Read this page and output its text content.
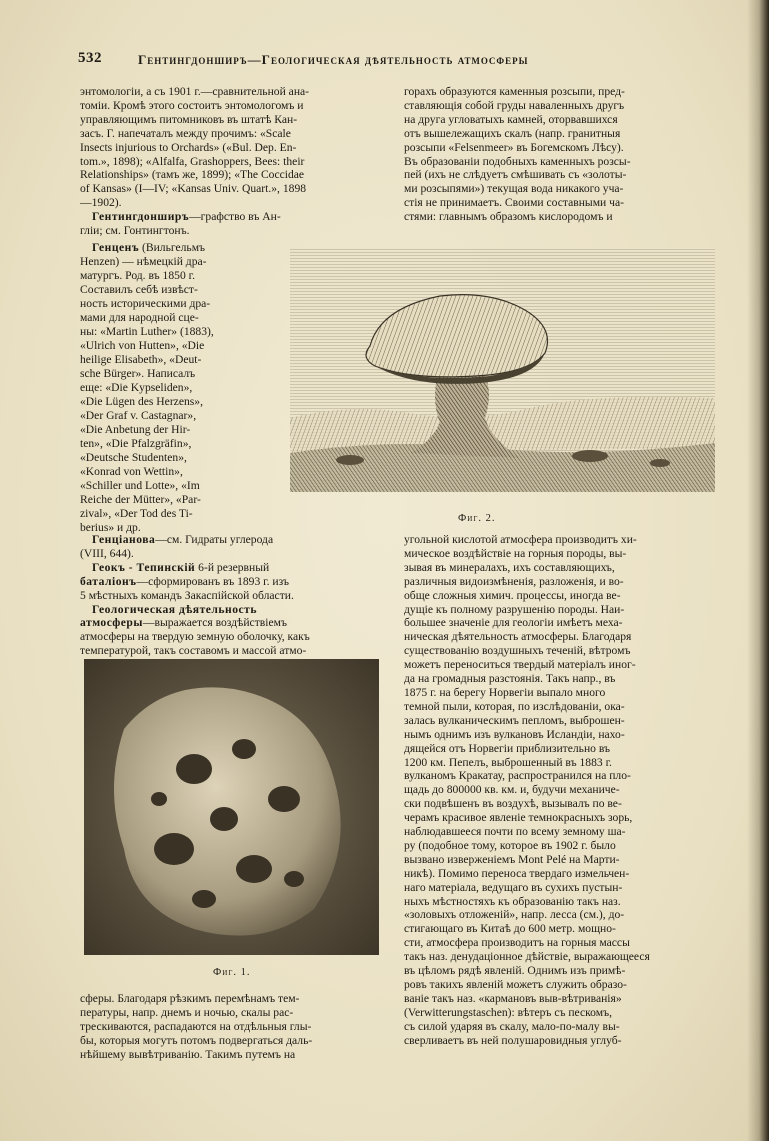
532	Гентингдонширъ—Геологическая дѣятельность атмосферы

энтомологіи, а съ 1901 г.—сравнительной ана-

томіи. Кромѣ этого состоитъ энтомологомъ и

управляющимъ питомниковъ въ штатѣ Кан-

засъ. Г. напечаталъ между прочимъ: «Scale

Insects injurious to Orchards» («Bul. Dep. En-

tom.», 1898); «Alfalfa, Grashoppers, Bees: their

Relationships» (тамъ же, 1899); «The Coccidae

of Kansas» (I—IV; «Kansas Univ. Quart.», 1898

—1902).

Гентингдонширъ—графство въ Ан-

гліи; см. Гонтингтонъ.

Генценъ (Вильгельмъ

Henzen) — нѣмецкій дра-

матургъ. Род. въ 1850 г.

Составилъ себѣ извѣст-

ность историческими дра-

мами для народной сце-

ны: «Martin Luther» (1883),

«Ulrich von Hutten», «Die

heilige Elisabeth», «Deut-

sche Bürger». Написалъ

еще: «Die Kypseliden»,

«Die Lügen des Herzens»,

«Der Graf v. Castagnar»,

«Die Anbetung der Hir-

ten», «Die Pfalzgräfin»,

«Deutsche Studenten»,

«Konrad von Wettin»,

«Schiller und Lotte», «Im

Reiche der Mütter», «Par-

zival», «Der Tod des Ti-

berius» и др.

горахъ образуются каменныя розсыпи, пред-

ставляющія собой груды наваленныхъ другъ

на друга угловатыхъ камней, оторвавшихся

отъ вышележащихъ скалъ (напр. гранитныя

розсыпи «Felsenmeer» въ Богемскомъ Лѣсу).

Въ образованіи подобныхъ каменныхъ розсы-

пей (ихъ не слѣдуетъ смѣшивать съ «золоты-

ми розсыпями») текущая вода никакого уча-

стія не принимаетъ. Своими составными ча-

стями: главнымъ образомъ кислородомъ и

Фиг. 2.

Генціанова—см. Гидраты углерода

(VIII, 644).

Геокъ - Тепинскій 6-й резервный

баталіонъ—сформированъ въ 1893 г. изъ

5 мѣстныхъ командъ Закаспійской области.

Геологическая дѣятельность

атмосферы—выражается воздѣйствіемъ

атмосферы на твердую земную оболочку, какъ

температурой, такъ составомъ и массой атмо-

Фиг. 1.

угольной кислотой атмосфера производитъ хи-

мическое воздѣйствіе на горныя породы, вы-

зывая въ минералахъ, ихъ составляющихъ,

различныя видоизмѣненія, разложенія, и во-

обще сложныя химич. процессы, иногда ве-

дущіе къ полному разрушенію породы. Наи-

большее значеніе для геологіи имѣетъ меха-

ническая дѣятельность атмосферы. Благодаря

существованію воздушныхъ теченій, вѣтромъ

можетъ переноситься твердый матеріалъ иног-

да на громадныя разстоянія. Такъ напр., въ

1875 г. на берегу Норвегіи выпало много

темной пыли, которая, по изслѣдованіи, ока-

залась вулканическимъ пепломъ, выброшен-

нымъ однимъ изъ вулкановъ Исландіи, нахо-

дящейся отъ Норвегіи приблизительно въ

1200 км. Пепелъ, выброшенный въ 1883 г.

вулканомъ Кракатау, распространился на пло-

щадь до 800000 кв. км. и, будучи механиче-

ски подвѣшенъ въ воздухѣ, вызывалъ по ве-

черамъ красивое явленіе темнокрасныхъ зорь,

наблюдавшееся почти по всему земному ша-

ру (подобное тому, которое въ 1902 г. было

вызвано изверженіемъ Mont Pelé на Марти-

никѣ). Помимо переноса твердаго измельчен-

наго матеріала, ведущаго въ сухихъ пустын-

ныхъ мѣстностяхъ къ образованію такъ наз.

«золовыхъ отложеній», напр. лесса (см.), до-

стигающаго въ Китаѣ до 600 метр. мощно-

сти, атмосфера производитъ на горныя массы

такъ наз. денудаціонное дѣйствіе, выражающееся

въ цѣломъ рядѣ явленій. Однимъ изъ примѣ-

ровъ такихъ явленій можетъ служить образо-

ваніе такъ наз. «кармановъ выв-вѣтриванія»

(Verwitterungstaschen): вѣтеръ съ пескомъ,

съ силой ударяя въ скалу, мало-по-малу вы-

сверливаетъ въ ней полушаровидныя углуб-

сферы. Благодаря рѣзкимъ перемѣнамъ тем-

пературы, напр. днемъ и ночью, скалы рас-

трескиваются, распадаются на отдѣльныя глы-

бы, которыя могутъ потомъ подвергаться даль-

нѣйшему вывѣтриванію. Такимъ путемъ на
